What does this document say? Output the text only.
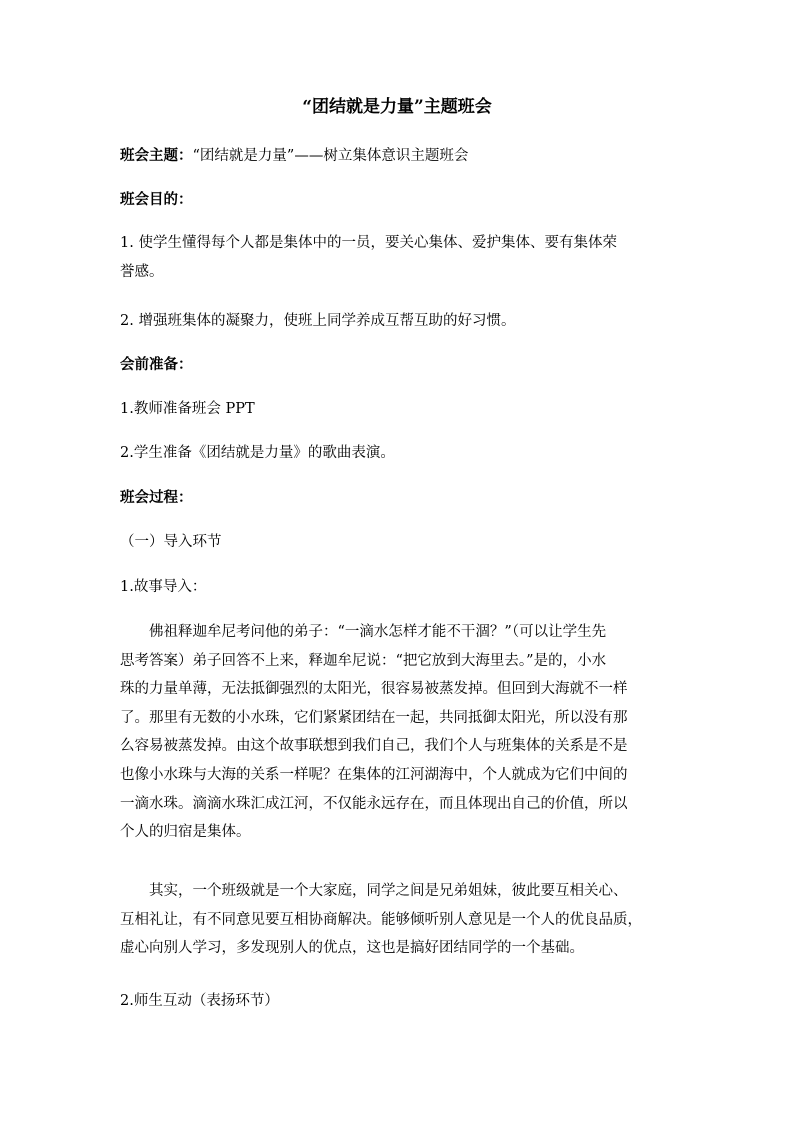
“团结就是力量”主题班会
班会主题：“团结就是力量”——树立集体意识主题班会
班会目的：
1. 使学生懂得每个人都是集体中的一员，要关心集体、爱护集体、要有集体荣
誉感。
2. 增强班集体的凝聚力，使班上同学养成互帮互助的好习惯。
会前准备：
1.教师准备班会 PPT
2.学生准备《团结就是力量》的歌曲表演。
班会过程：
（一）导入环节
1.故事导入：
佛祖释迦牟尼考问他的弟子：“一滴水怎样才能不干涸？”（可以让学生先
思考答案）弟子回答不上来，释迦牟尼说：“把它放到大海里去。”是的，小水
珠的力量单薄，无法抵御强烈的太阳光，很容易被蒸发掉。但回到大海就不一样
了。那里有无数的小水珠，它们紧紧团结在一起，共同抵御太阳光，所以没有那
么容易被蒸发掉。由这个故事联想到我们自己，我们个人与班集体的关系是不是
也像小水珠与大海的关系一样呢？在集体的江河湖海中，个人就成为它们中间的
一滴水珠。滴滴水珠汇成江河，不仅能永远存在，而且体现出自己的价值，所以
个人的归宿是集体。
其实，一个班级就是一个大家庭，同学之间是兄弟姐妹，彼此要互相关心、
互相礼让，有不同意见要互相协商解决。能够倾听别人意见是一个人的优良品质，
虚心向别人学习，多发现别人的优点，这也是搞好团结同学的一个基础。
2.师生互动（表扬环节）
